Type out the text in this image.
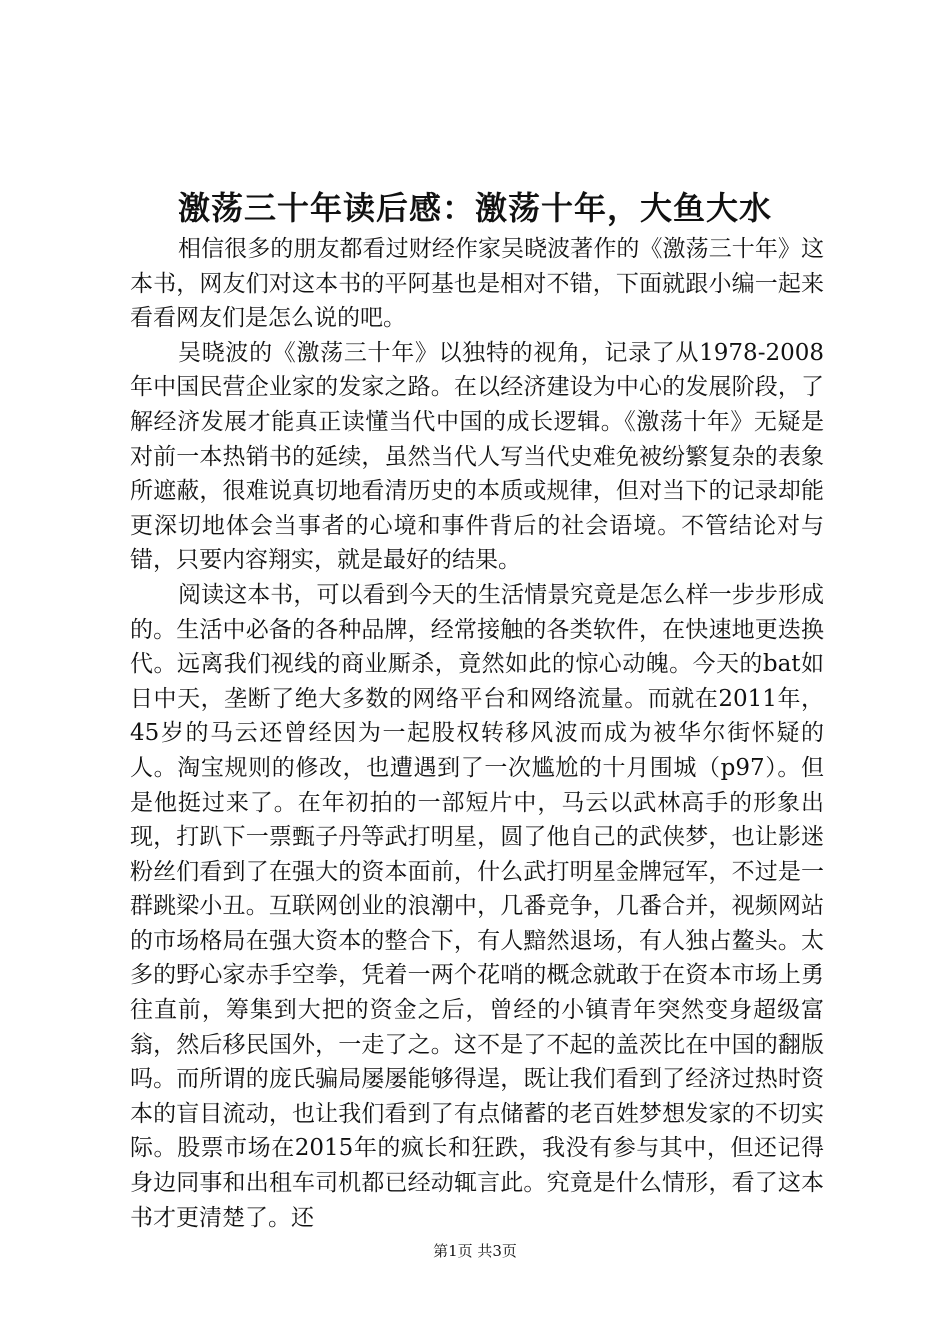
激荡三十年读后感：激荡十年，大鱼大水

相信很多的朋友都看过财经作家吴晓波著作的《激荡三十年》这本书，网友们对这本书的平阿基也是相对不错，下面就跟小编一起来看看网友们是怎么说的吧。

吴晓波的《激荡三十年》以独特的视角，记录了从1978-2008年中国民营企业家的发家之路。在以经济建设为中心的发展阶段，了解经济发展才能真正读懂当代中国的成长逻辑。《激荡十年》无疑是对前一本热销书的延续，虽然当代人写当代史难免被纷繁复杂的表象所遮蔽，很难说真切地看清历史的本质或规律，但对当下的记录却能更深切地体会当事者的心境和事件背后的社会语境。不管结论对与错，只要内容翔实，就是最好的结果。

阅读这本书，可以看到今天的生活情景究竟是怎么样一步步形成的。生活中必备的各种品牌，经常接触的各类软件，在快速地更迭换代。远离我们视线的商业厮杀，竟然如此的惊心动魄。今天的bat如日中天，垄断了绝大多数的网络平台和网络流量。而就在2011年，45岁的马云还曾经因为一起股权转移风波而成为被华尔街怀疑的人。淘宝规则的修改，也遭遇到了一次尴尬的十月围城（p97）。但是他挺过来了。在年初拍的一部短片中，马云以武林高手的形象出现，打趴下一票甄子丹等武打明星，圆了他自己的武侠梦，也让影迷粉丝们看到了在强大的资本面前，什么武打明星金牌冠军，不过是一群跳梁小丑。互联网创业的浪潮中，几番竞争，几番合并，视频网站的市场格局在强大资本的整合下，有人黯然退场，有人独占鳌头。太多的野心家赤手空拳，凭着一两个花哨的概念就敢于在资本市场上勇往直前，筹集到大把的资金之后，曾经的小镇青年突然变身超级富翁，然后移民国外，一走了之。这不是了不起的盖茨比在中国的翻版吗。而所谓的庞氏骗局屡屡能够得逞，既让我们看到了经济过热时资本的盲目流动，也让我们看到了有点储蓄的老百姓梦想发家的不切实际。股票市场在2015年的疯长和狂跌，我没有参与其中，但还记得身边同事和出租车司机都已经动辄言此。究竟是什么情形，看了这本书才更清楚了。还

第1页 共3页
